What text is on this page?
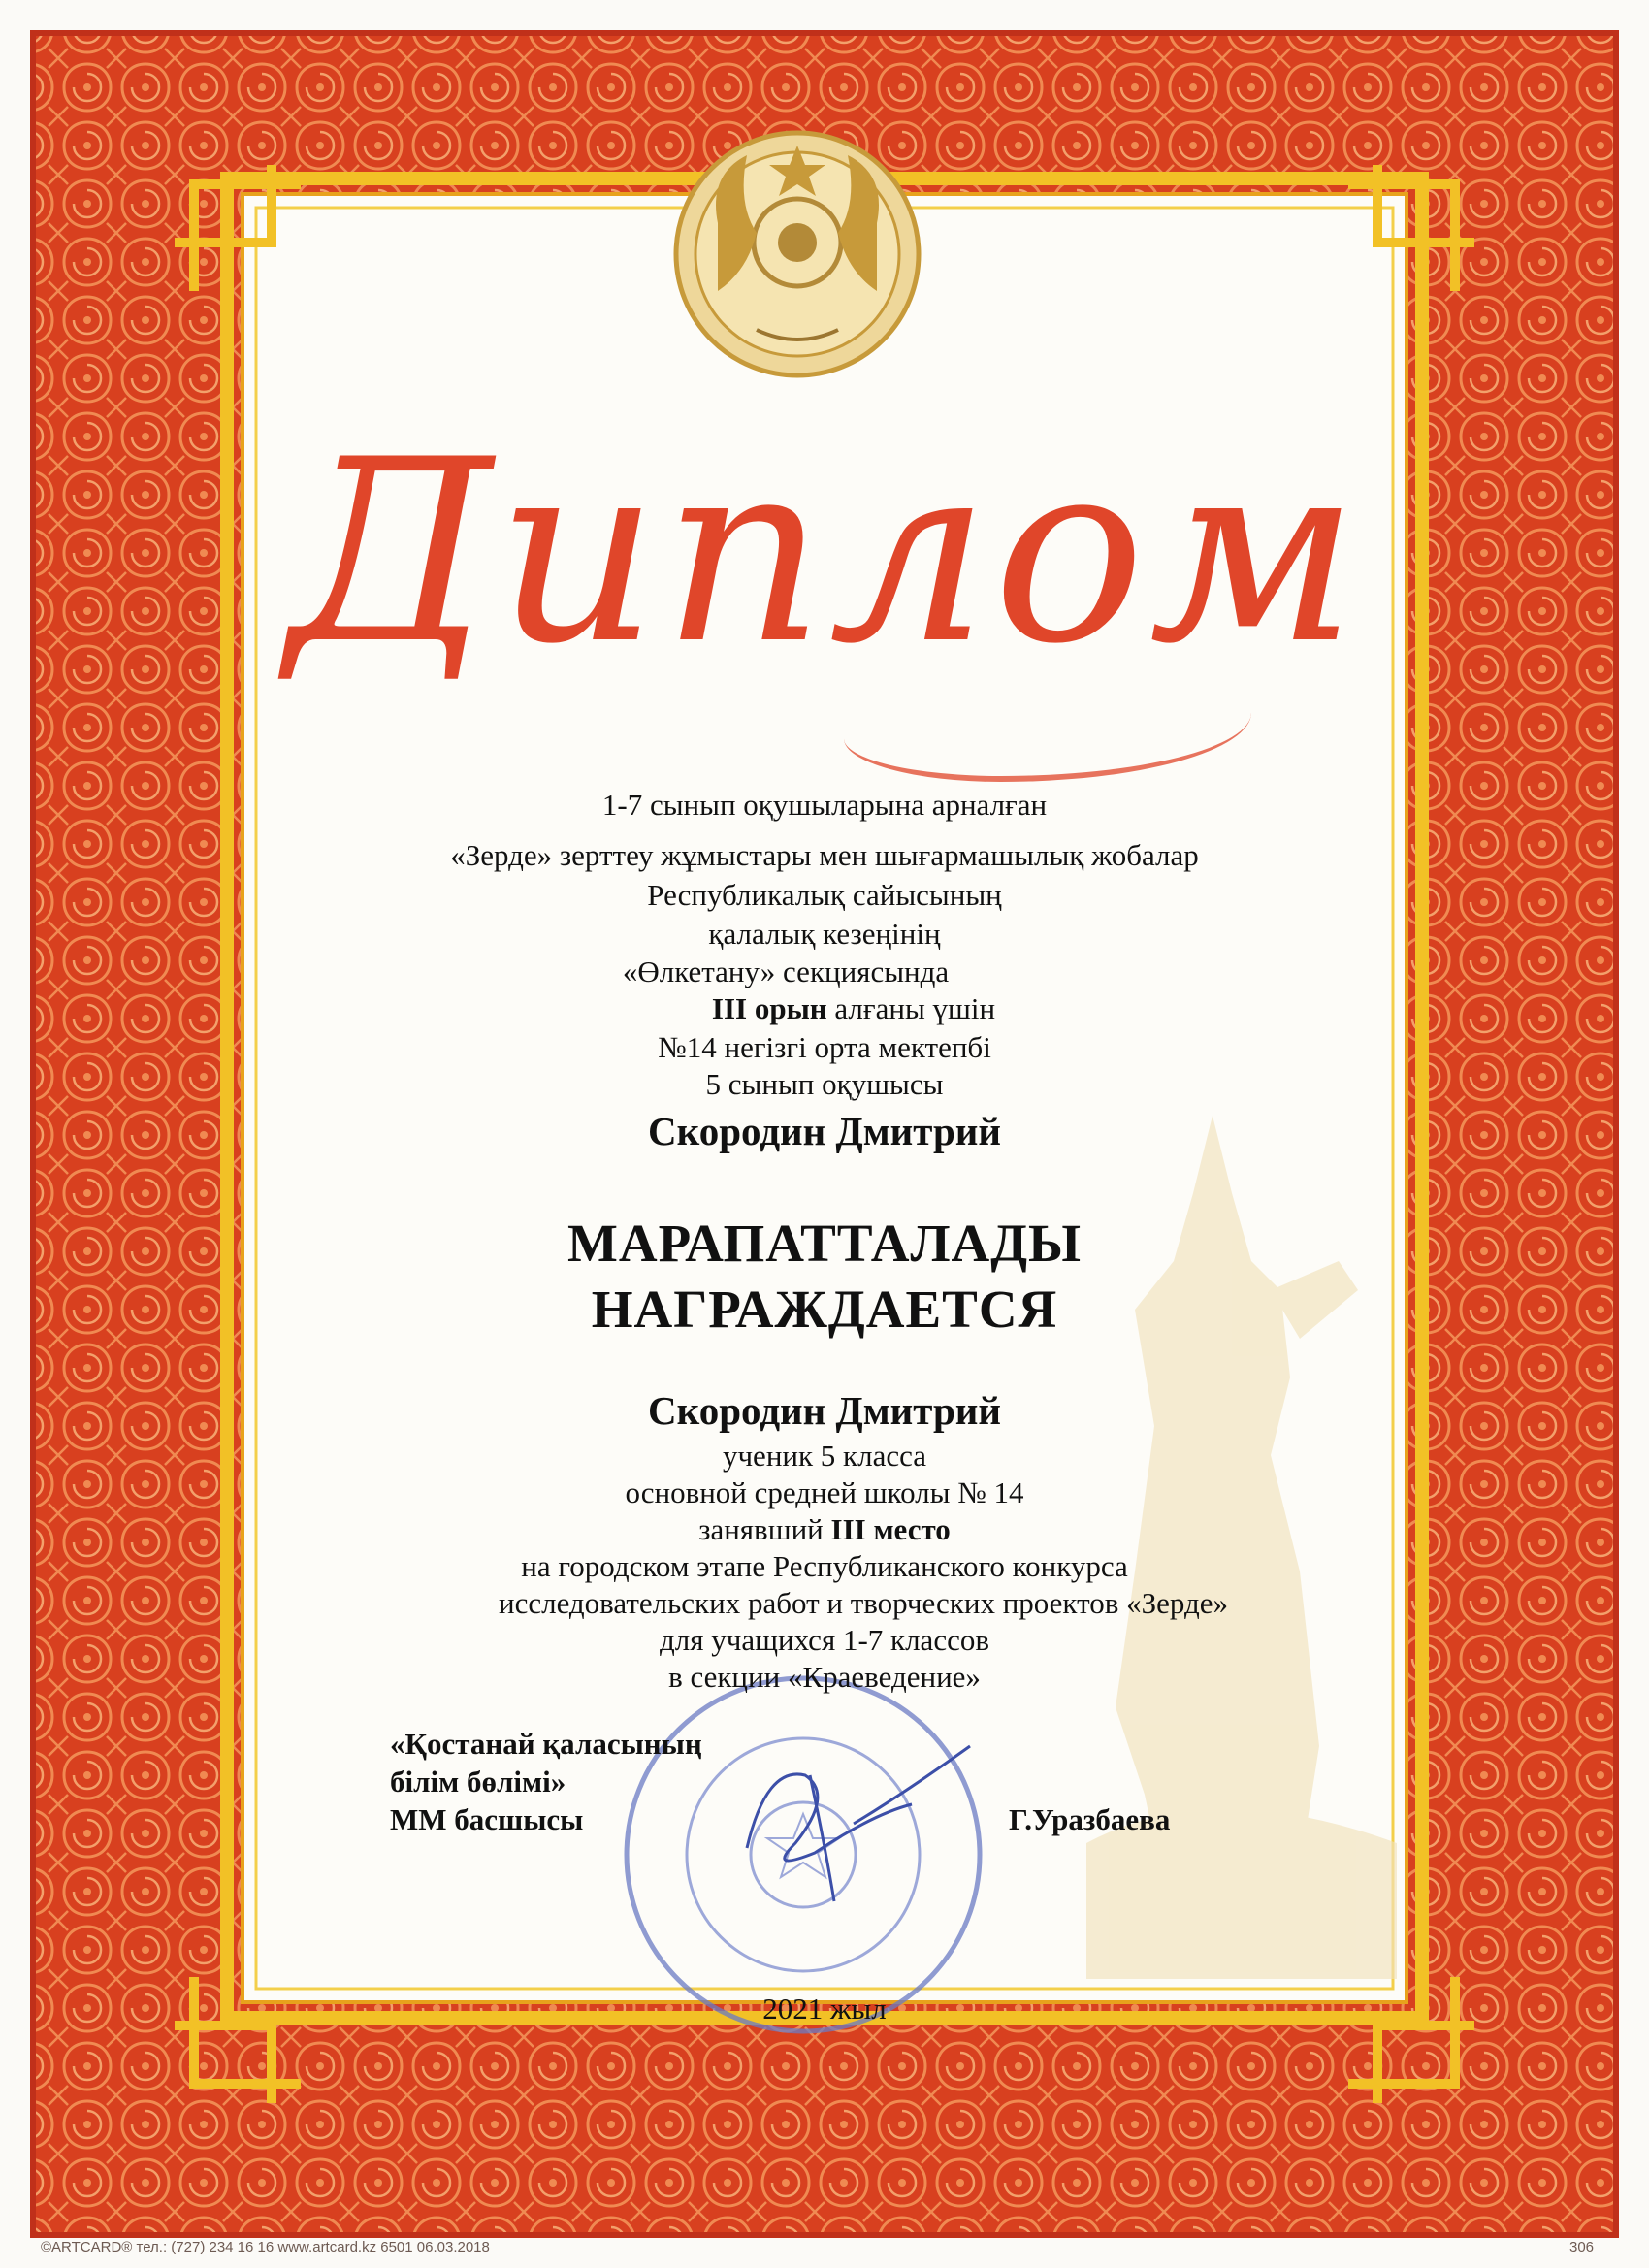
Диплом
1-7 сынып оқушыларына арналған
«Зерде» зерттеу жұмыстары мен шығармашылық жобалар
Республикалық сайысының
қалалық кезеңінің
«Өлкетану» секциясында
III орын алғаны үшін
№14 негізгі орта мектепбі
5 сынып оқушысы
Скородин Дмитрий
МАРАПАТТАЛАДЫ
НАГРАЖДАЕТСЯ
Скородин Дмитрий
ученик 5 класса
основной средней школы № 14
занявший III место
на городском этапе Республиканского конкурса
исследовательских работ и творческих проектов «Зерде»
для учащихся 1-7 классов
в секции «Краеведение»
«Қостанай қаласының
білім бөлімі»
ММ басшысы	Г.Уразбаева
2021 жыл
©ARTCARD® тел.: (727) 234 16 16 www.artcard.kz 6501 06.03.2018	306
